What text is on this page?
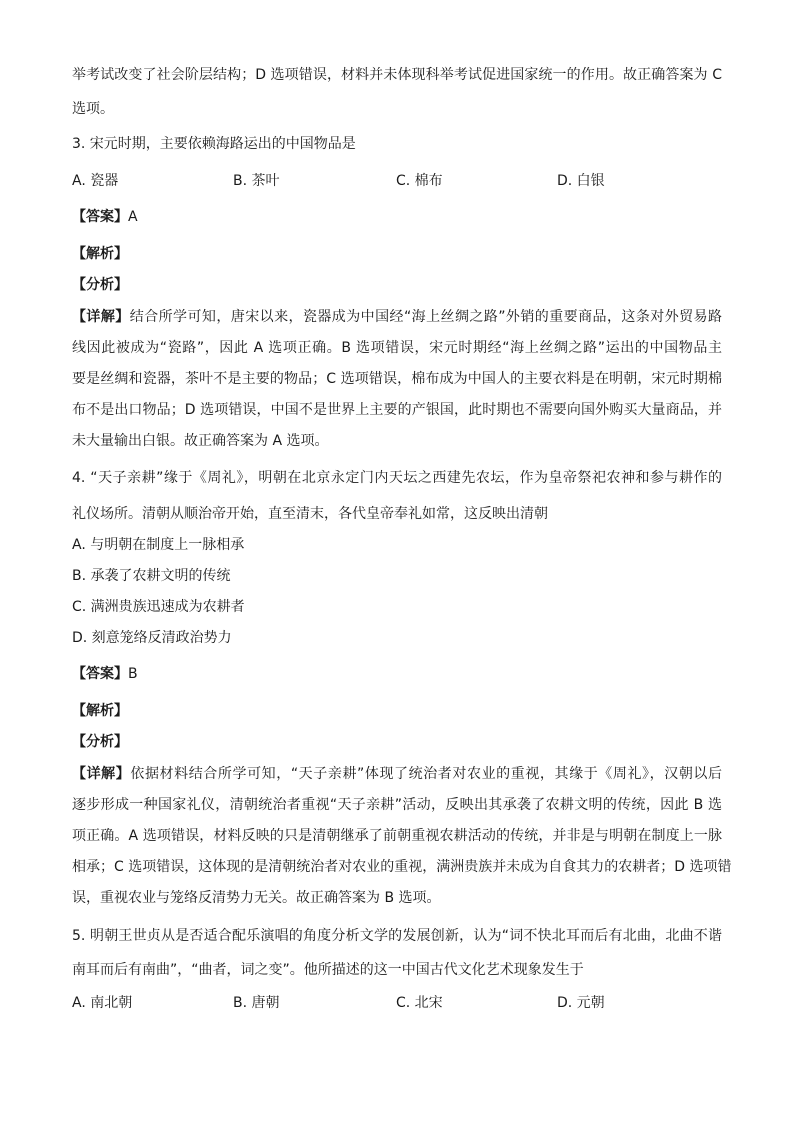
举考试改变了社会阶层结构；D 选项错误，材料并未体现科举考试促进国家统一的作用。故正确答案为 C
选项。
3. 宋元时期，主要依赖海路运出的中国物品是
A. 瓷器	B. 茶叶	C. 棉布	D. 白银
【答案】A
【解析】
【分析】
【详解】结合所学可知，唐宋以来，瓷器成为中国经“海上丝绸之路”外销的重要商品，这条对外贸易路
线因此被成为“瓷路”，因此 A 选项正确。B 选项错误，宋元时期经“海上丝绸之路”运出的中国物品主
要是丝绸和瓷器，茶叶不是主要的物品；C 选项错误，棉布成为中国人的主要衣料是在明朝，宋元时期棉
布不是出口物品；D 选项错误，中国不是世界上主要的产银国，此时期也不需要向国外购买大量商品，并
未大量输出白银。故正确答案为 A 选项。
4. “天子亲耕”缘于《周礼》，明朝在北京永定门内天坛之西建先农坛，作为皇帝祭祀农神和参与耕作的
礼仪场所。清朝从顺治帝开始，直至清末，各代皇帝奉礼如常，这反映出清朝
A. 与明朝在制度上一脉相承
B. 承袭了农耕文明的传统
C. 满洲贵族迅速成为农耕者
D. 刻意笼络反清政治势力
【答案】B
【解析】
【分析】
【详解】依据材料结合所学可知，“天子亲耕”体现了统治者对农业的重视，其缘于《周礼》，汉朝以后
逐步形成一种国家礼仪，清朝统治者重视“天子亲耕”活动，反映出其承袭了农耕文明的传统，因此 B 选
项正确。A 选项错误，材料反映的只是清朝继承了前朝重视农耕活动的传统，并非是与明朝在制度上一脉
相承；C 选项错误，这体现的是清朝统治者对农业的重视，满洲贵族并未成为自食其力的农耕者；D 选项错
误，重视农业与笼络反清势力无关。故正确答案为 B 选项。
5. 明朝王世贞从是否适合配乐演唱的角度分析文学的发展创新，认为“词不快北耳而后有北曲，北曲不谐
南耳而后有南曲”，“曲者，词之变”。他所描述的这一中国古代文化艺术现象发生于
A. 南北朝	B. 唐朝	C. 北宋	D. 元朝
